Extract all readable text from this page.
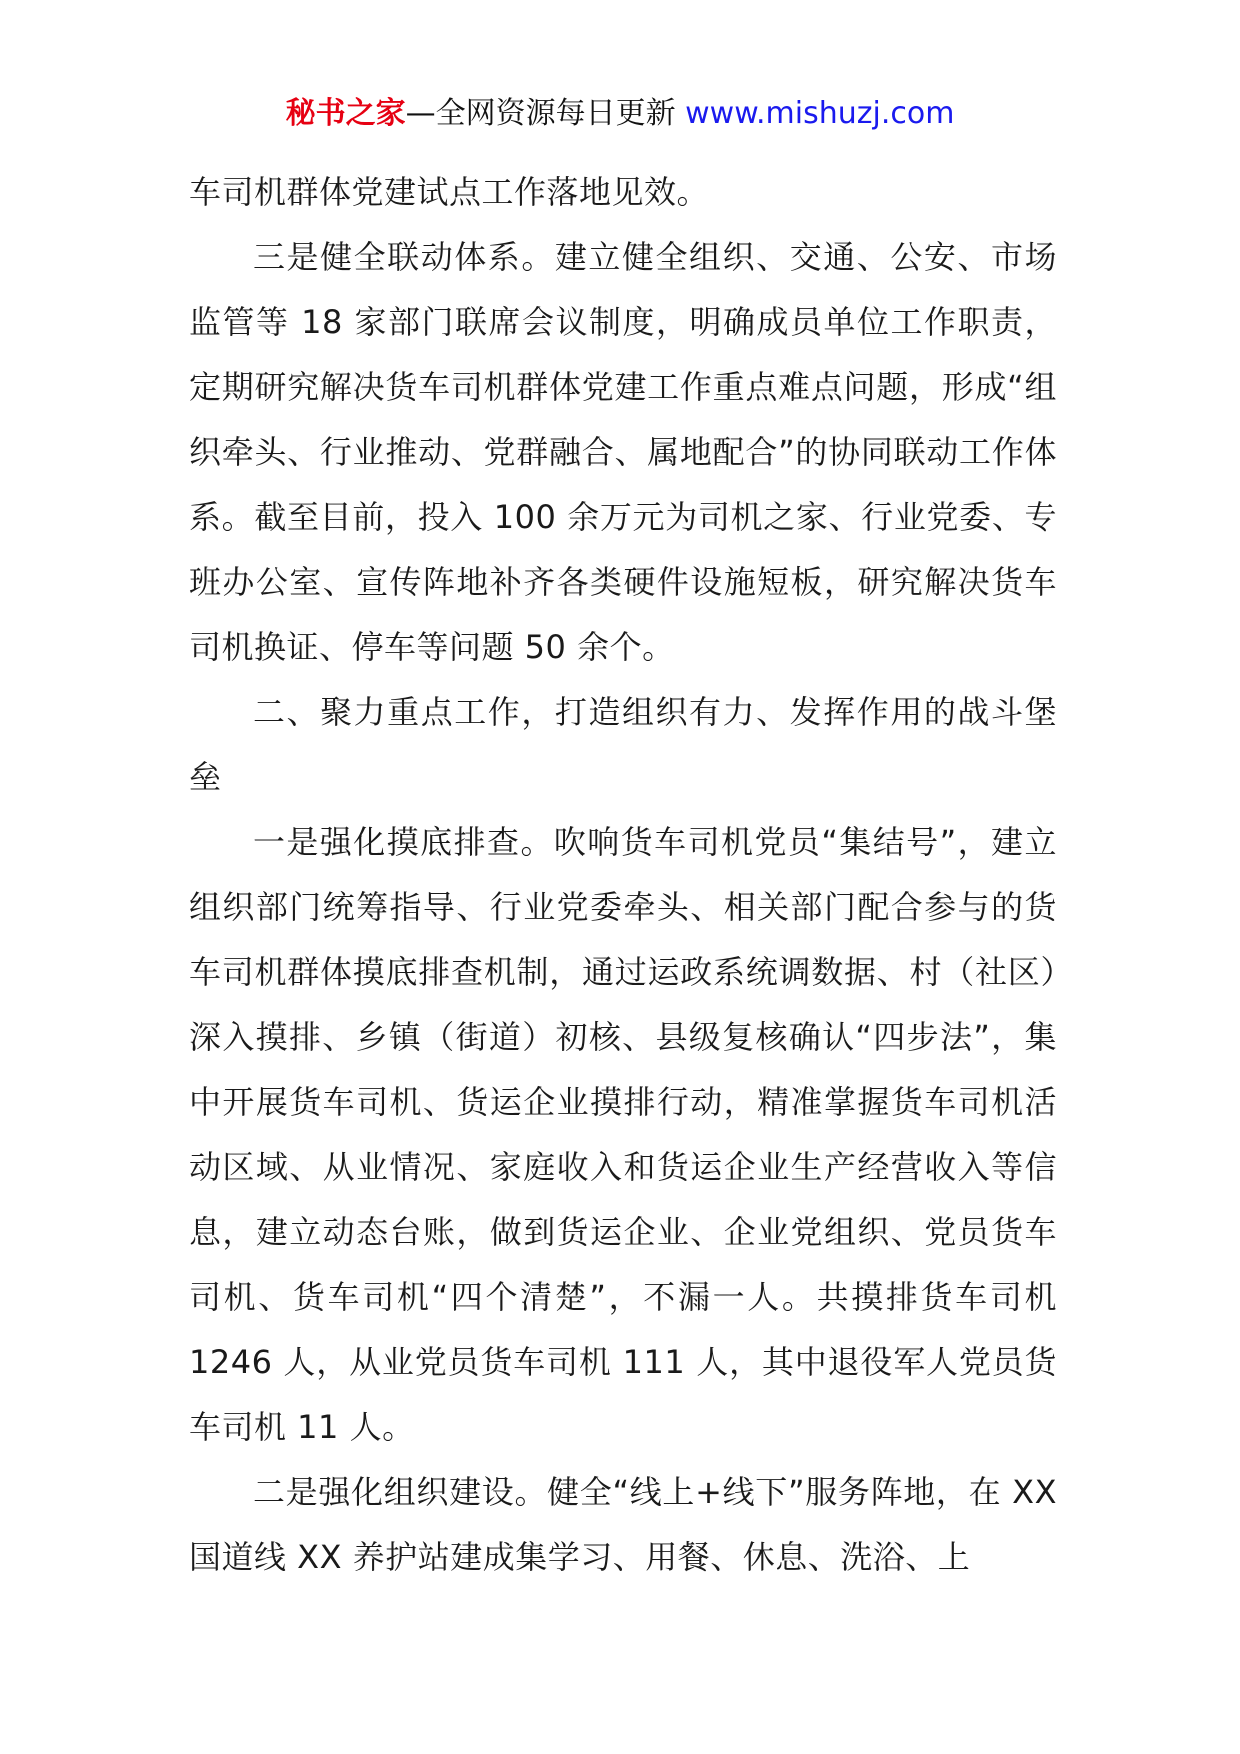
秘书之家—全网资源每日更新 www.mishuzj.com

车司机群体党建试点工作落地见效。

三是健全联动体系。建立健全组织、交通、公安、市场监管等 18 家部门联席会议制度，明确成员单位工作职责，定期研究解决货车司机群体党建工作重点难点问题，形成“组织牵头、行业推动、党群融合、属地配合”的协同联动工作体系。截至目前，投入 100 余万元为司机之家、行业党委、专班办公室、宣传阵地补齐各类硬件设施短板，研究解决货车司机换证、停车等问题 50 余个。

二、聚力重点工作，打造组织有力、发挥作用的战斗堡垒

一是强化摸底排查。吹响货车司机党员“集结号”，建立组织部门统筹指导、行业党委牵头、相关部门配合参与的货车司机群体摸底排查机制，通过运政系统调数据、村（社区）深入摸排、乡镇（街道）初核、县级复核确认“四步法”，集中开展货车司机、货运企业摸排行动，精准掌握货车司机活动区域、从业情况、家庭收入和货运企业生产经营收入等信息，建立动态台账，做到货运企业、企业党组织、党员货车司机、货车司机“四个清楚”，不漏一人。共摸排货车司机 1246 人，从业党员货车司机 111 人，其中退役军人党员货车司机 11 人。

二是强化组织建设。健全“线上+线下”服务阵地，在 XX 国道线 XX 养护站建成集学习、用餐、休息、洗浴、上
